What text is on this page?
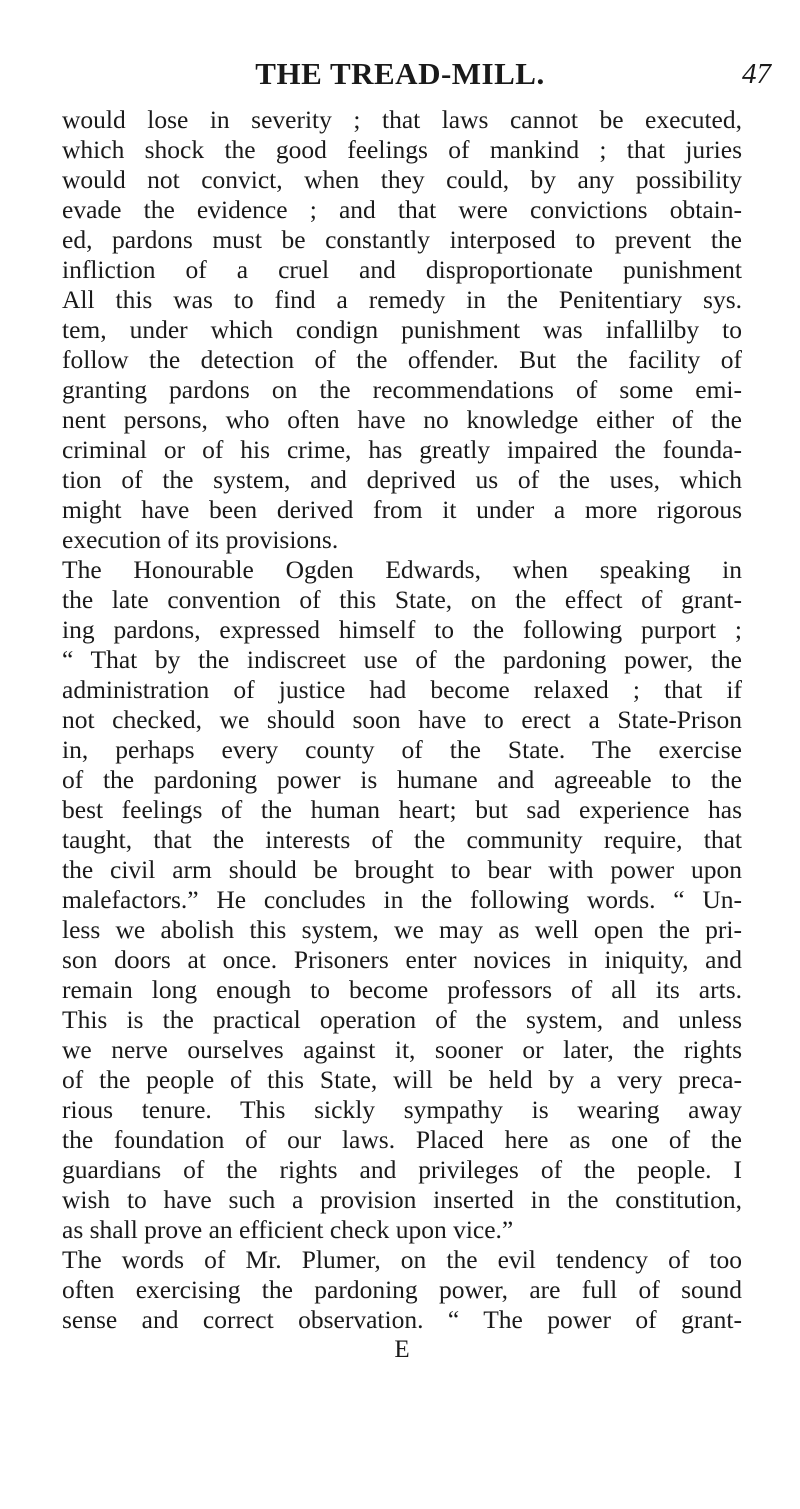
THE TREAD-MILL.	47
would lose in severity ; that laws cannot be executed,
which shock the good feelings of mankind ; that juries
would not convict, when they could, by any possibility
evade the evidence ; and that were convictions obtain-
ed, pardons must be constantly interposed to prevent the
infliction of a cruel and disproportionate punishment
All this was to find a remedy in the Penitentiary sys.
tem, under which condign punishment was infallilby to
follow the detection of the offender. But the facility of
granting pardons on the recommendations of some emi-
nent persons, who often have no knowledge either of the
criminal or of his crime, has greatly impaired the founda-
tion of the system, and deprived us of the uses, which
might have been derived from it under a more rigorous
execution of its provisions.
The Honourable Ogden Edwards, when speaking in
the late convention of this State, on the effect of grant-
ing pardons, expressed himself to the following purport ;
“ That by the indiscreet use of the pardoning power, the
administration of justice had become relaxed ; that if
not checked, we should soon have to erect a State-Prison
in, perhaps every county of the State. The exercise
of the pardoning power is humane and agreeable to the
best feelings of the human heart; but sad experience has
taught, that the interests of the community require, that
the civil arm should be brought to bear with power upon
malefactors.” He concludes in the following words. “ Un-
less we abolish this system, we may as well open the pri-
son doors at once. Prisoners enter novices in iniquity, and
remain long enough to become professors of all its arts.
This is the practical operation of the system, and unless
we nerve ourselves against it, sooner or later, the rights
of the people of this State, will be held by a very preca-
rious tenure. This sickly sympathy is wearing away
the foundation of our laws. Placed here as one of the
guardians of the rights and privileges of the people. I
wish to have such a provision inserted in the constitution,
as shall prove an efficient check upon vice.”
The words of Mr. Plumer, on the evil tendency of too
often exercising the pardoning power, are full of sound
sense and correct observation. “ The power of grant-
E
